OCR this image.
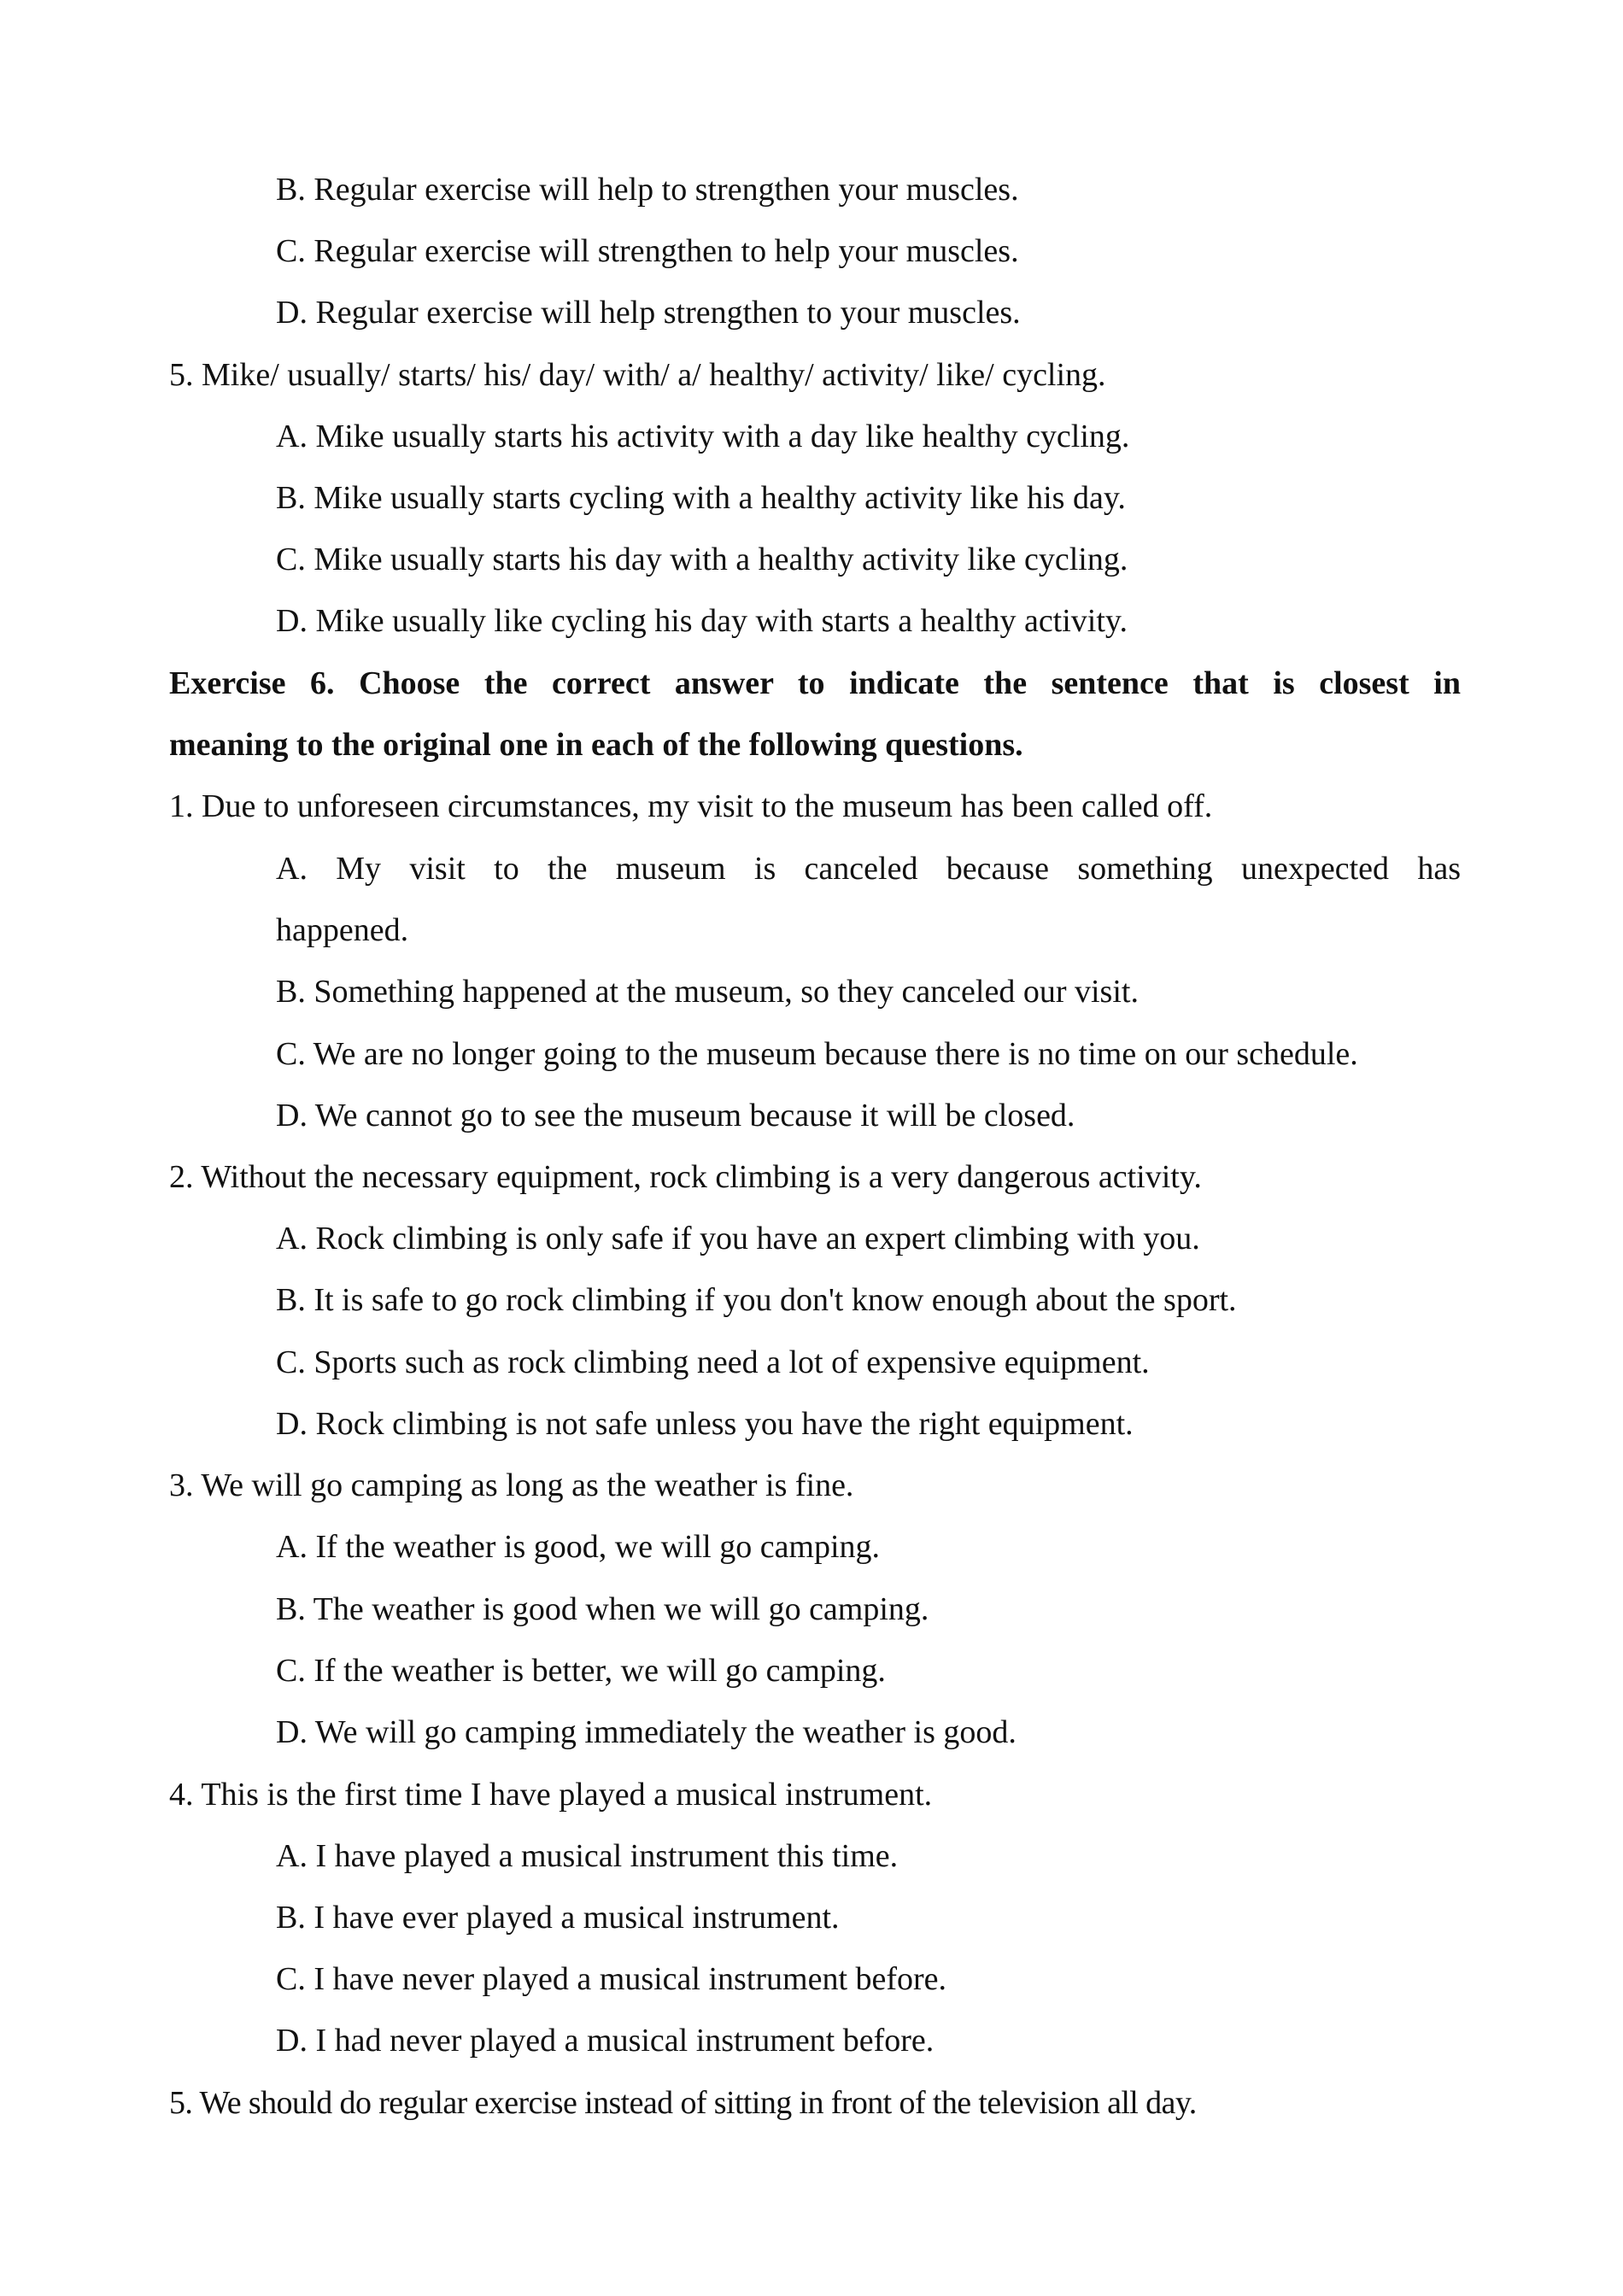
B. Regular exercise will help to strengthen your muscles.
C. Regular exercise will strengthen to help your muscles.
D. Regular exercise will help strengthen to your muscles.
5. Mike/ usually/ starts/ his/ day/ with/ a/ healthy/ activity/ like/ cycling.
A. Mike usually starts his activity with a day like healthy cycling.
B. Mike usually starts cycling with a healthy activity like his day.
C. Mike usually starts his day with a healthy activity like cycling.
D. Mike usually like cycling his day with starts a healthy activity.
Exercise 6. Choose the correct answer to indicate the sentence that is closest in
meaning to the original one in each of the following questions.
1. Due to unforeseen circumstances, my visit to the museum has been called off.
A. My visit to the museum is canceled because something unexpected has
happened.
B. Something happened at the museum, so they canceled our visit.
C. We are no longer going to the museum because there is no time on our schedule.
D. We cannot go to see the museum because it will be closed.
2. Without the necessary equipment, rock climbing is a very dangerous activity.
A. Rock climbing is only safe if you have an expert climbing with you.
B. It is safe to go rock climbing if you don't know enough about the sport.
C. Sports such as rock climbing need a lot of expensive equipment.
D. Rock climbing is not safe unless you have the right equipment.
3. We will go camping as long as the weather is fine.
A. If the weather is good, we will go camping.
B. The weather is good when we will go camping.
C. If the weather is better, we will go camping.
D. We will go camping immediately the weather is good.
4. This is the first time I have played a musical instrument.
A. I have played a musical instrument this time.
B. I have ever played a musical instrument.
C. I have never played a musical instrument before.
D. I had never played a musical instrument before.
5. We should do regular exercise instead of sitting in front of the television all day.
